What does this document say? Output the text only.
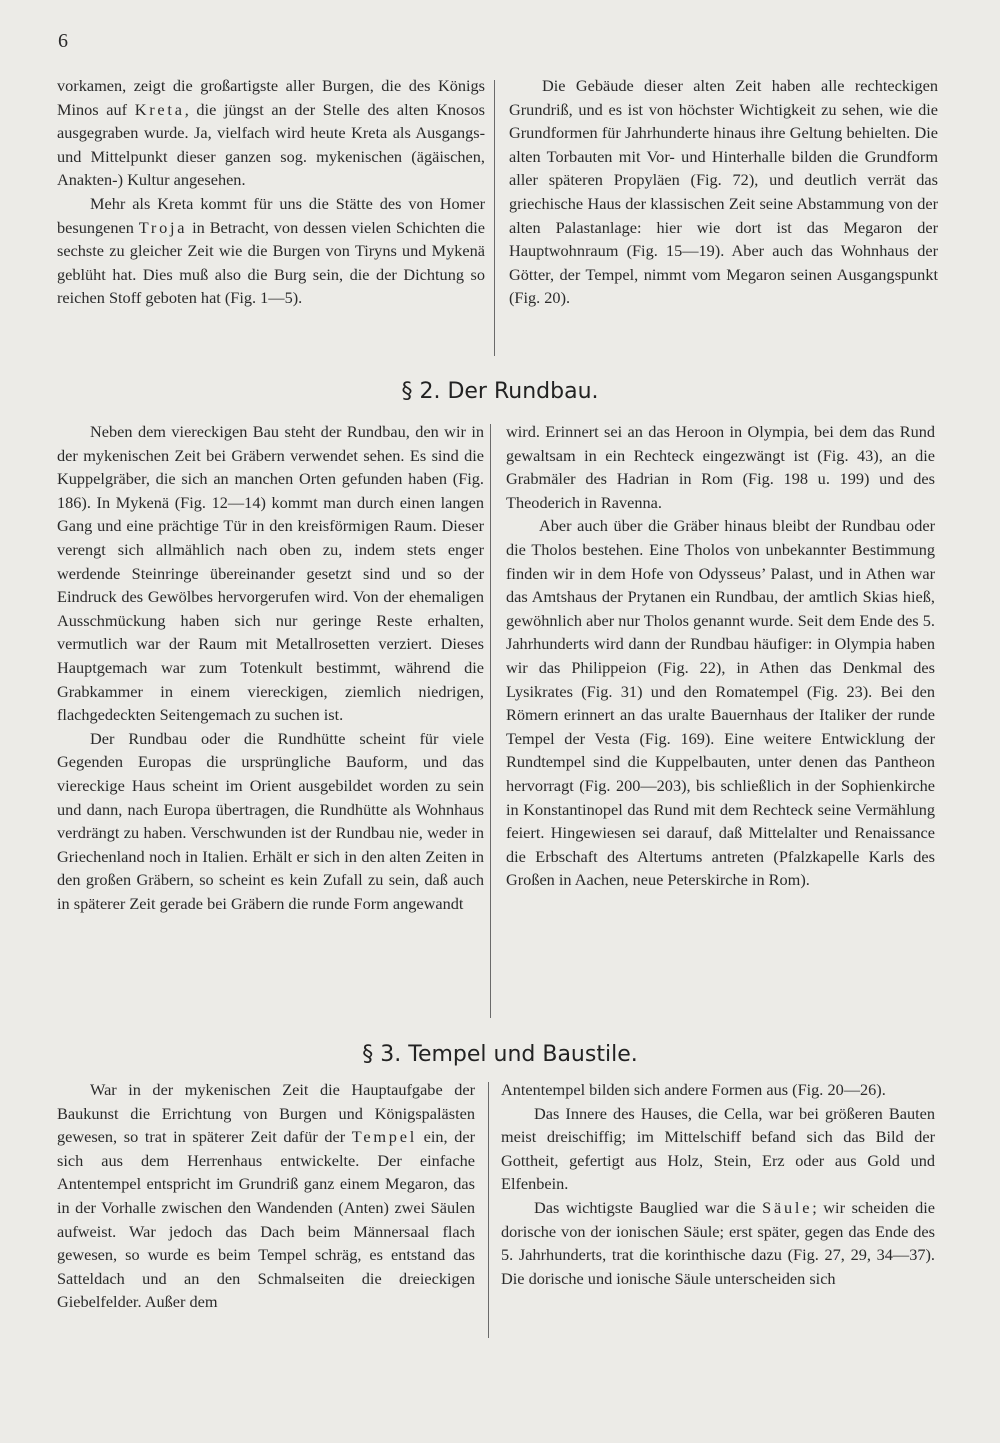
6

vorkamen, zeigt die großartigste aller Burgen, die des Königs Minos auf Kreta, die jüngst an der Stelle des alten Knosos ausgegraben wurde. Ja, vielfach wird heute Kreta als Ausgangs- und Mittelpunkt dieser ganzen sog. mykenischen (ägäischen, Anakten-) Kultur angesehen.

Mehr als Kreta kommt für uns die Stätte des von Homer besungenen Troja in Betracht, von dessen vielen Schichten die sechste zu gleicher Zeit wie die Burgen von Tiryns und Mykenä geblüht hat. Dies muß also die Burg sein, die der Dichtung so reichen Stoff geboten hat (Fig. 1—5).

Die Gebäude dieser alten Zeit haben alle rechteckigen Grundriß, und es ist von höchster Wichtigkeit zu sehen, wie die Grundformen für Jahrhunderte hinaus ihre Geltung behielten. Die alten Torbauten mit Vor- und Hinterhalle bilden die Grundform aller späteren Propyläen (Fig. 72), und deutlich verrät das griechische Haus der klassischen Zeit seine Abstammung von der alten Palastanlage: hier wie dort ist das Megaron der Hauptwohnraum (Fig. 15—19). Aber auch das Wohnhaus der Götter, der Tempel, nimmt vom Megaron seinen Ausgangspunkt (Fig. 20).

§ 2. Der Rundbau.

Neben dem viereckigen Bau steht der Rundbau, den wir in der mykenischen Zeit bei Gräbern verwendet sehen. Es sind die Kuppelgräber, die sich an manchen Orten gefunden haben (Fig. 186). In Mykenä (Fig. 12—14) kommt man durch einen langen Gang und eine prächtige Tür in den kreisförmigen Raum. Dieser verengt sich allmählich nach oben zu, indem stets enger werdende Steinringe übereinander gesetzt sind und so der Eindruck des Gewölbes hervorgerufen wird. Von der ehemaligen Ausschmückung haben sich nur geringe Reste erhalten, vermutlich war der Raum mit Metallrosetten verziert. Dieses Hauptgemach war zum Totenkult bestimmt, während die Grabkammer in einem viereckigen, ziemlich niedrigen, flachgedeckten Seitengemach zu suchen ist.

Der Rundbau oder die Rundhütte scheint für viele Gegenden Europas die ursprüngliche Bauform, und das viereckige Haus scheint im Orient ausgebildet worden zu sein und dann, nach Europa übertragen, die Rundhütte als Wohnhaus verdrängt zu haben. Verschwunden ist der Rundbau nie, weder in Griechenland noch in Italien. Erhält er sich in den alten Zeiten in den großen Gräbern, so scheint es kein Zufall zu sein, daß auch in späterer Zeit gerade bei Gräbern die runde Form angewandt

wird. Erinnert sei an das Heroon in Olympia, bei dem das Rund gewaltsam in ein Rechteck eingezwängt ist (Fig. 43), an die Grabmäler des Hadrian in Rom (Fig. 198 u. 199) und des Theoderich in Ravenna.

Aber auch über die Gräber hinaus bleibt der Rundbau oder die Tholos bestehen. Eine Tholos von unbekannter Bestimmung finden wir in dem Hofe von Odysseus’ Palast, und in Athen war das Amtshaus der Prytanen ein Rundbau, der amtlich Skias hieß, gewöhnlich aber nur Tholos genannt wurde. Seit dem Ende des 5. Jahrhunderts wird dann der Rundbau häufiger: in Olympia haben wir das Philippeion (Fig. 22), in Athen das Denkmal des Lysikrates (Fig. 31) und den Romatempel (Fig. 23). Bei den Römern erinnert an das uralte Bauernhaus der Italiker der runde Tempel der Vesta (Fig. 169). Eine weitere Entwicklung der Rundtempel sind die Kuppelbauten, unter denen das Pantheon hervorragt (Fig. 200—203), bis schließlich in der Sophienkirche in Konstantinopel das Rund mit dem Rechteck seine Vermählung feiert. Hingewiesen sei darauf, daß Mittelalter und Renaissance die Erbschaft des Altertums antreten (Pfalzkapelle Karls des Großen in Aachen, neue Peterskirche in Rom).

§ 3. Tempel und Baustile.

War in der mykenischen Zeit die Hauptaufgabe der Baukunst die Errichtung von Burgen und Königspalästen gewesen, so trat in späterer Zeit dafür der Tempel ein, der sich aus dem Herrenhaus entwickelte. Der einfache Antentempel entspricht im Grundriß ganz einem Megaron, das in der Vorhalle zwischen den Wandenden (Anten) zwei Säulen aufweist. War jedoch das Dach beim Männersaal flach gewesen, so wurde es beim Tempel schräg, es entstand das Satteldach und an den Schmalseiten die dreieckigen Giebelfelder. Außer dem

Antentempel bilden sich andere Formen aus (Fig. 20—26).

Das Innere des Hauses, die Cella, war bei größeren Bauten meist dreischiffig; im Mittelschiff befand sich das Bild der Gottheit, gefertigt aus Holz, Stein, Erz oder aus Gold und Elfenbein.

Das wichtigste Bauglied war die Säule; wir scheiden die dorische von der ionischen Säule; erst später, gegen das Ende des 5. Jahrhunderts, trat die korinthische dazu (Fig. 27, 29, 34—37). Die dorische und ionische Säule unterscheiden sich
